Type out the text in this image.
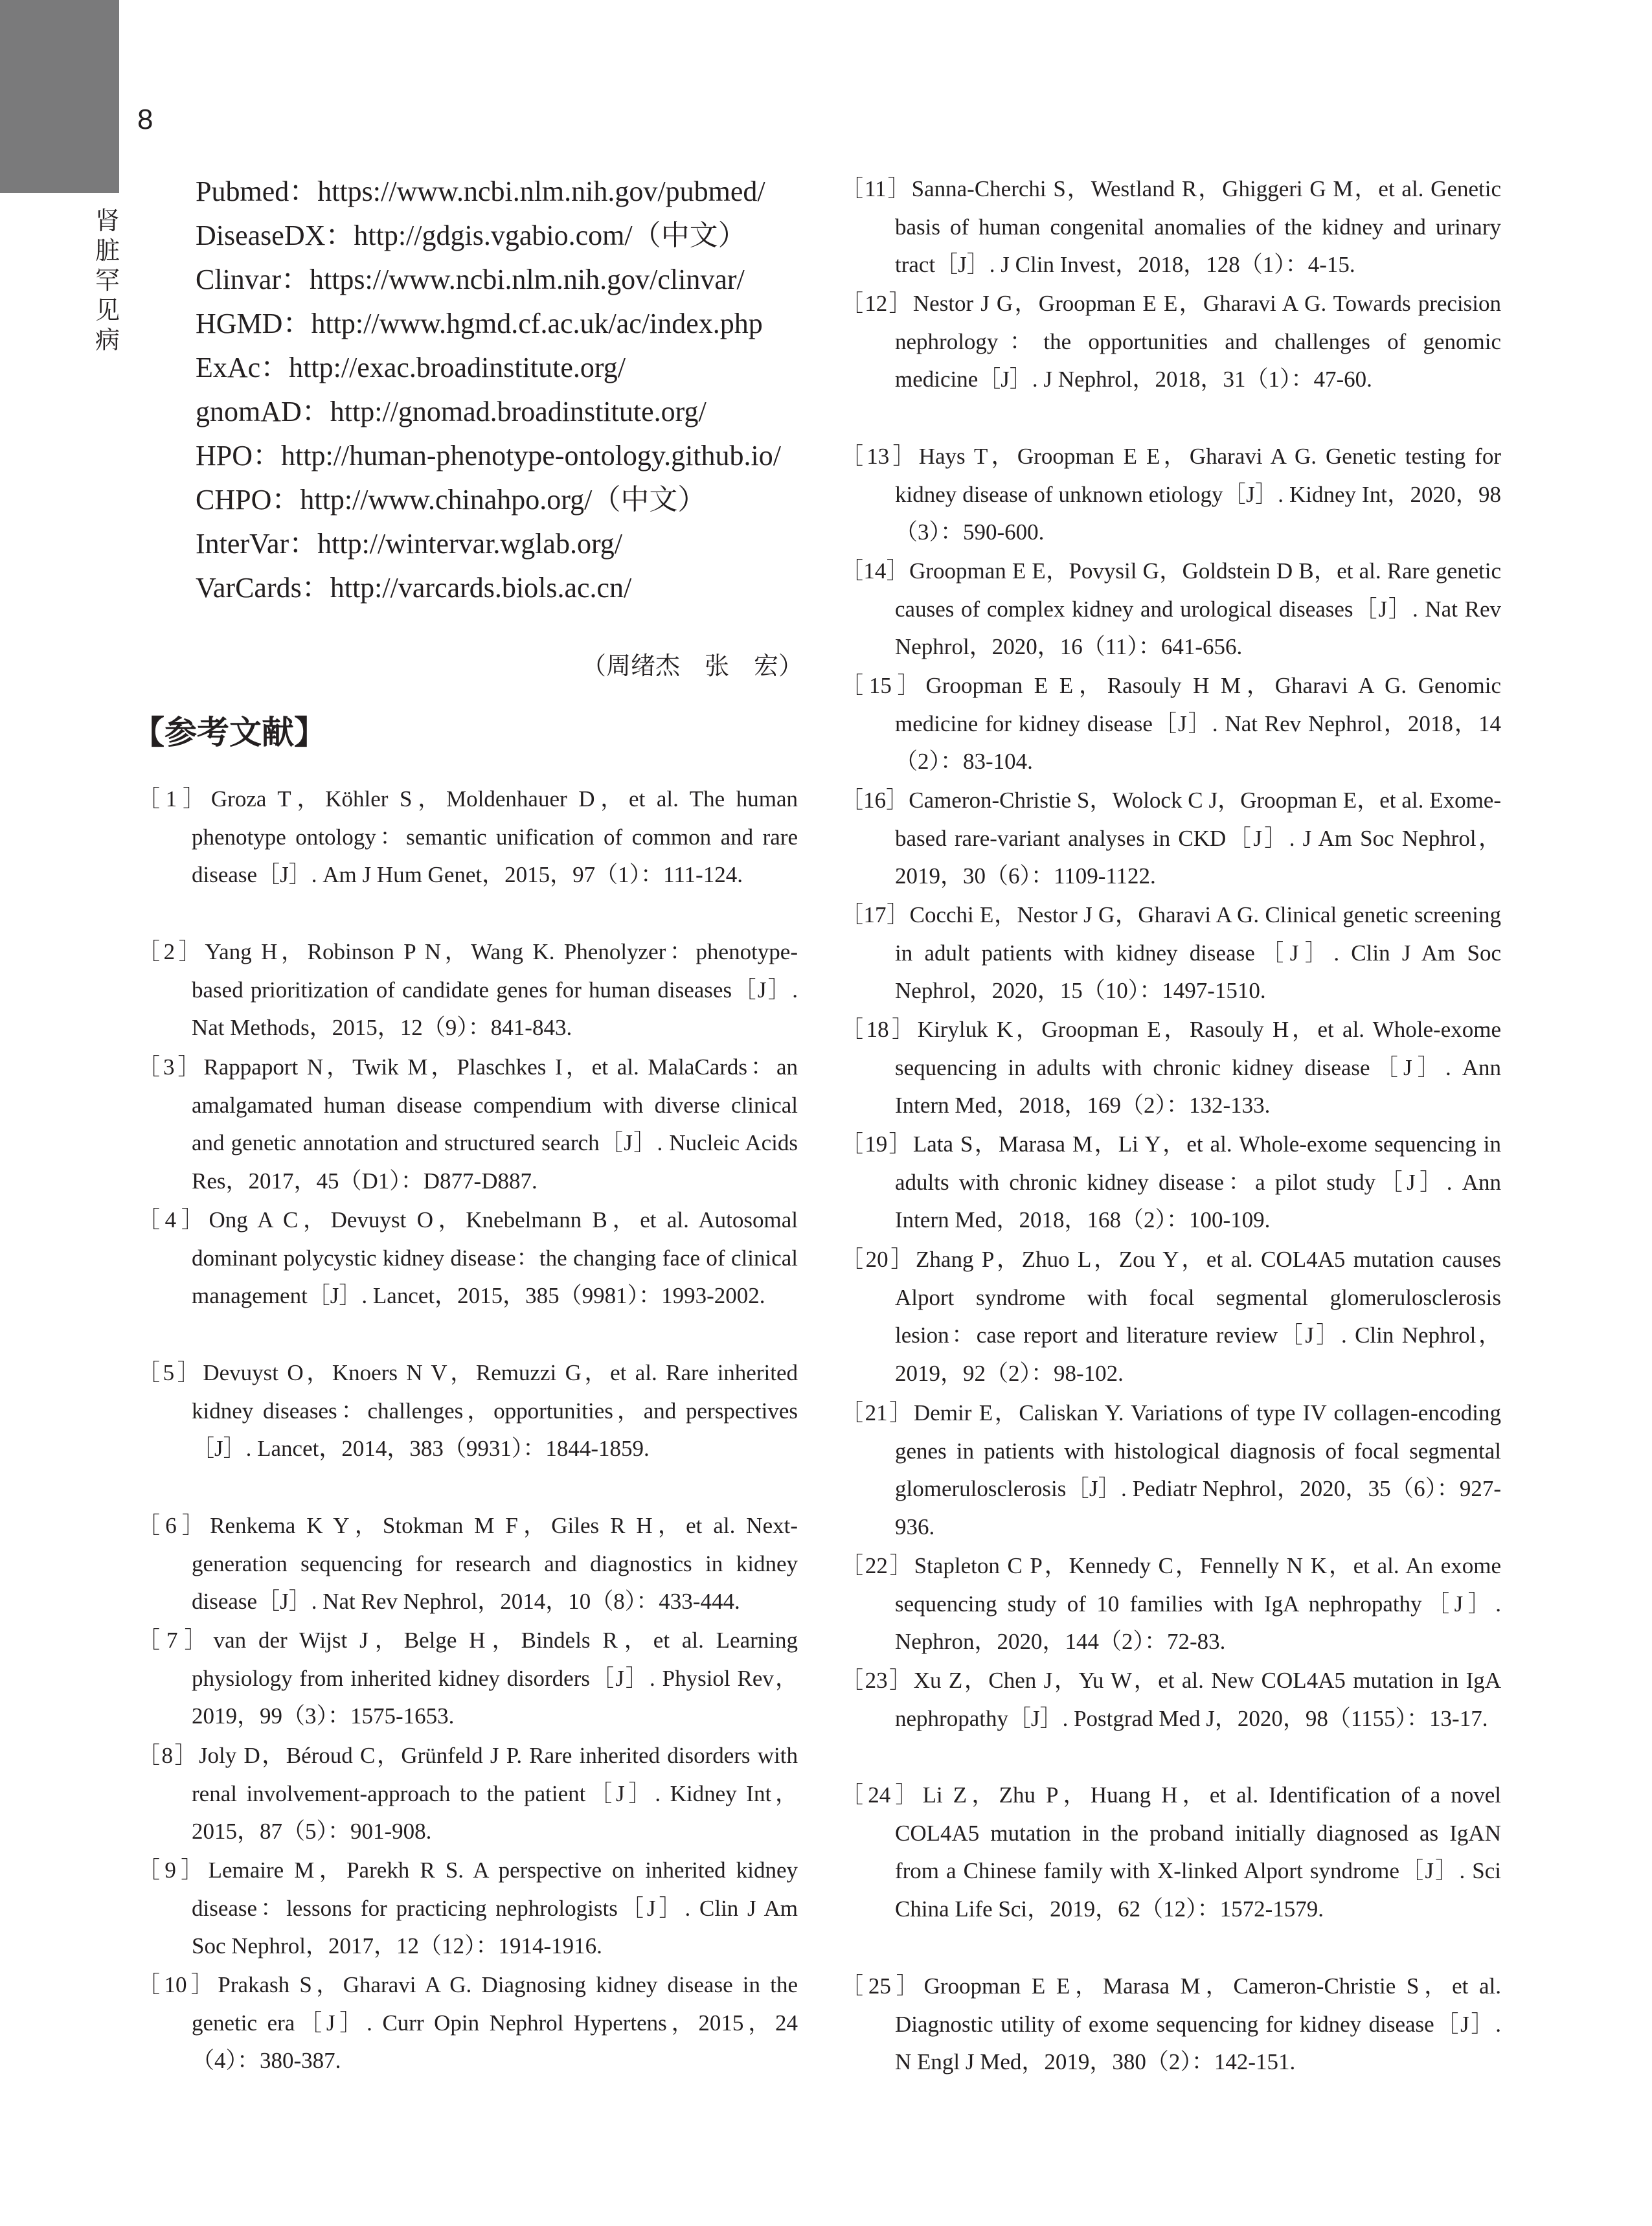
8
肾脏罕见病
Pubmed：https://www.ncbi.nlm.nih.gov/pubmed/
DiseaseDX：http://gdgis.vgabio.com/（中文）
Clinvar：https://www.ncbi.nlm.nih.gov/clinvar/
HGMD：http://www.hgmd.cf.ac.uk/ac/index.php
ExAc：http://exac.broadinstitute.org/
gnomAD：http://gnomad.broadinstitute.org/
HPO：http://human-phenotype-ontology.github.io/
CHPO：http://www.chinahpo.org/（中文）
InterVar：http://wintervar.wglab.org/
VarCards：http://varcards.biols.ac.cn/
（周绪杰　张　宏）
【参考文献】
［1］Groza T，Köhler S，Moldenhauer D，et al. The human phenotype ontology：semantic unification of common and rare disease［J］. Am J Hum Genet，2015，97（1）：111-124.
［2］Yang H，Robinson P N，Wang K. Phenolyzer：phenotype-based prioritization of candidate genes for human diseases［J］. Nat Methods，2015，12（9）：841-843.
［3］Rappaport N，Twik M，Plaschkes I，et al. MalaCards：an amalgamated human disease compendium with diverse clinical and genetic annotation and structured search［J］. Nucleic Acids Res，2017，45（D1）：D877-D887.
［4］Ong A C，Devuyst O，Knebelmann B，et al. Autosomal dominant polycystic kidney disease：the changing face of clinical management［J］. Lancet，2015，385（9981）：1993-2002.
［5］Devuyst O，Knoers N V，Remuzzi G，et al. Rare inherited kidney diseases：challenges，opportunities，and perspectives［J］. Lancet，2014，383（9931）：1844-1859.
［6］Renkema K Y，Stokman M F，Giles R H，et al. Next-generation sequencing for research and diagnostics in kidney disease［J］. Nat Rev Nephrol，2014，10（8）：433-444.
［7］van der Wijst J，Belge H，Bindels R，et al. Learning physiology from inherited kidney disorders［J］. Physiol Rev，2019，99（3）：1575-1653.
［8］Joly D，Béroud C，Grünfeld J P. Rare inherited disorders with renal involvement-approach to the patient［J］. Kidney Int，2015，87（5）：901-908.
［9］Lemaire M，Parekh R S. A perspective on inherited kidney disease：lessons for practicing nephrologists［J］. Clin J Am Soc Nephrol，2017，12（12）：1914-1916.
［10］Prakash S，Gharavi A G. Diagnosing kidney disease in the genetic era［J］. Curr Opin Nephrol Hypertens，2015，24（4）：380-387.
［11］Sanna-Cherchi S，Westland R，Ghiggeri G M，et al. Genetic basis of human congenital anomalies of the kidney and urinary tract［J］. J Clin Invest，2018，128（1）：4-15.
［12］Nestor J G，Groopman E E，Gharavi A G. Towards precision nephrology：the opportunities and challenges of genomic medicine［J］. J Nephrol，2018，31（1）：47-60.
［13］Hays T，Groopman E E，Gharavi A G. Genetic testing for kidney disease of unknown etiology［J］. Kidney Int，2020，98（3）：590-600.
［14］Groopman E E，Povysil G，Goldstein D B，et al. Rare genetic causes of complex kidney and urological diseases［J］. Nat Rev Nephrol，2020，16（11）：641-656.
［15］Groopman E E，Rasouly H M，Gharavi A G. Genomic medicine for kidney disease［J］. Nat Rev Nephrol，2018，14（2）：83-104.
［16］Cameron-Christie S，Wolock C J，Groopman E，et al. Exome-based rare-variant analyses in CKD［J］. J Am Soc Nephrol，2019，30（6）：1109-1122.
［17］Cocchi E，Nestor J G，Gharavi A G. Clinical genetic screening in adult patients with kidney disease［J］. Clin J Am Soc Nephrol，2020，15（10）：1497-1510.
［18］Kiryluk K，Groopman E，Rasouly H，et al. Whole-exome sequencing in adults with chronic kidney disease［J］. Ann Intern Med，2018，169（2）：132-133.
［19］Lata S，Marasa M，Li Y，et al. Whole-exome sequencing in adults with chronic kidney disease：a pilot study［J］. Ann Intern Med，2018，168（2）：100-109.
［20］Zhang P，Zhuo L，Zou Y，et al. COL4A5 mutation causes Alport syndrome with focal segmental glomerulosclerosis lesion：case report and literature review［J］. Clin Nephrol，2019，92（2）：98-102.
［21］Demir E，Caliskan Y. Variations of type IV collagen-encoding genes in patients with histological diagnosis of focal segmental glomerulosclerosis［J］. Pediatr Nephrol，2020，35（6）：927-936.
［22］Stapleton C P，Kennedy C，Fennelly N K，et al. An exome sequencing study of 10 families with IgA nephropathy［J］. Nephron，2020，144（2）：72-83.
［23］Xu Z，Chen J，Yu W，et al. New COL4A5 mutation in IgA nephropathy［J］. Postgrad Med J，2020，98（1155）：13-17.
［24］Li Z，Zhu P，Huang H，et al. Identification of a novel COL4A5 mutation in the proband initially diagnosed as IgAN from a Chinese family with X-linked Alport syndrome［J］. Sci China Life Sci，2019，62（12）：1572-1579.
［25］Groopman E E，Marasa M，Cameron-Christie S，et al. Diagnostic utility of exome sequencing for kidney disease［J］. N Engl J Med，2019，380（2）：142-151.
